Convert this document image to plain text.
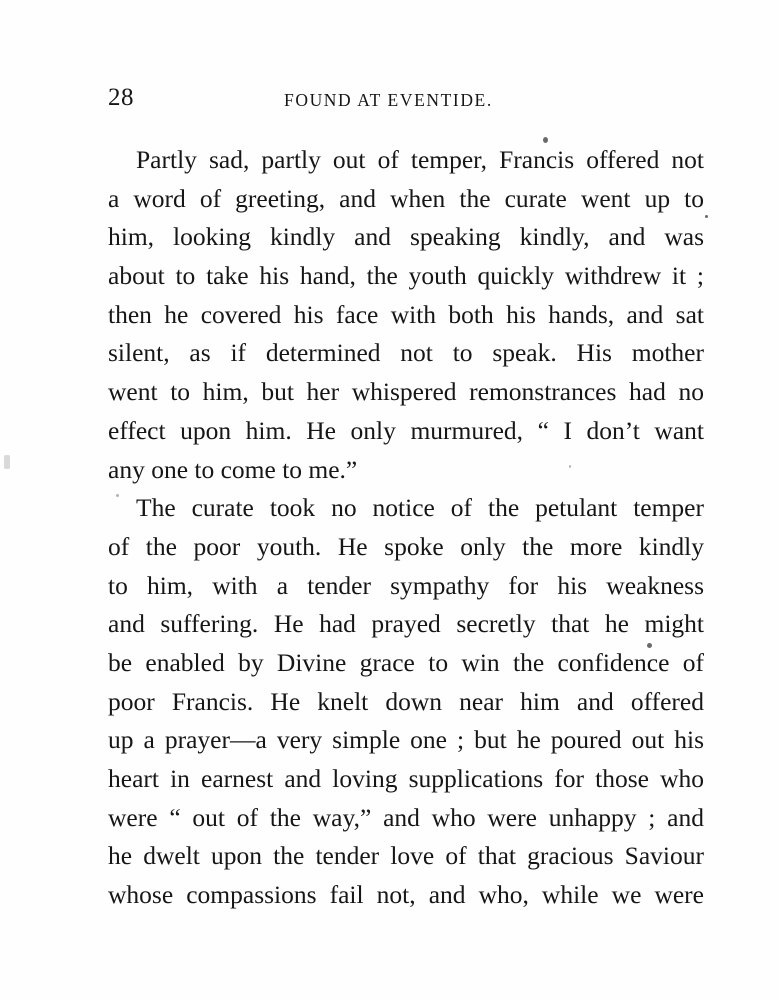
28	FOUND AT EVENTIDE.
Partly sad, partly out of temper, Francis offered not
a word of greeting, and when the curate went up to
him, looking kindly and speaking kindly, and was
about to take his hand, the youth quickly withdrew it ;
then he covered his face with both his hands, and sat
silent, as if determined not to speak. His mother
went to him, but her whispered remonstrances had no
effect upon him. He only murmured, “ I don’t want
any one to come to me.”
The curate took no notice of the petulant temper
of the poor youth. He spoke only the more kindly
to him, with a tender sympathy for his weakness
and suffering. He had prayed secretly that he might
be enabled by Divine grace to win the confidence of
poor Francis. He knelt down near him and offered
up a prayer—a very simple one ; but he poured out his
heart in earnest and loving supplications for those who
were “ out of the way,” and who were unhappy ; and
he dwelt upon the tender love of that gracious Saviour
whose compassions fail not, and who, while we were
